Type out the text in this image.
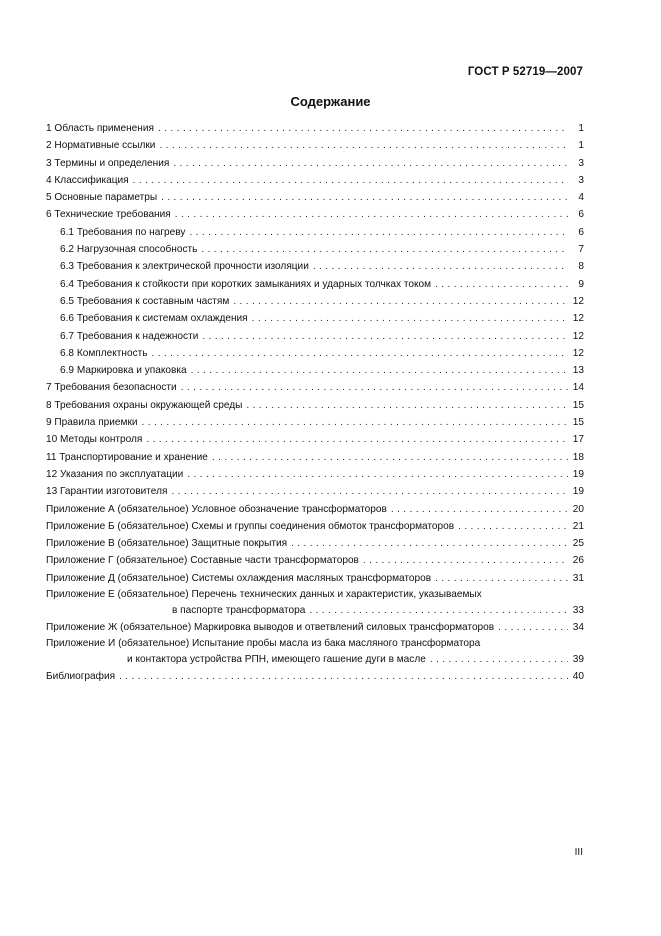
ГОСТ Р 52719—2007
Содержание
1 Область применения . . .	1
2 Нормативные ссылки . . .	1
3 Термины и определения . . .	3
4 Классификация . . .	3
5 Основные параметры . . .	4
6 Технические требования . . .	6
6.1 Требования по нагреву . . .	6
6.2 Нагрузочная способность . . .	7
6.3 Требования к электрической прочности изоляции . . .	8
6.4 Требования к стойкости при коротких замыканиях и ударных толчках током . . .	9
6.5 Требования к составным частям . . .	12
6.6 Требования к системам охлаждения . . .	12
6.7 Требования к надежности . . .	12
6.8 Комплектность . . .	12
6.9 Маркировка и упаковка . . .	13
7 Требования безопасности . . .	14
8 Требования охраны окружающей среды . . .	15
9 Правила приемки . . .	15
10 Методы контроля . . .	17
11 Транспортирование и хранение . . .	18
12 Указания по эксплуатации . . .	19
13 Гарантии изготовителя . . .	19
Приложение А (обязательное) Условное обозначение трансформаторов . . .	20
Приложение Б (обязательное) Схемы и группы соединения обмоток трансформаторов . . .	21
Приложение В (обязательное) Защитные покрытия . . .	25
Приложение Г (обязательное) Составные части трансформаторов . . .	26
Приложение Д (обязательное) Системы охлаждения масляных трансформаторов . . .	31
Приложение Е (обязательное) Перечень технических данных и характеристик, указываемых
в паспорте трансформатора . . .	33
Приложение Ж (обязательное) Маркировка выводов и ответвлений силовых трансформаторов . . .	34
Приложение И (обязательное) Испытание пробы масла из бака масляного трансформатора
и контактора устройства РПН, имеющего гашение дуги в масле . . .	39
Библиография . . .	40
III
